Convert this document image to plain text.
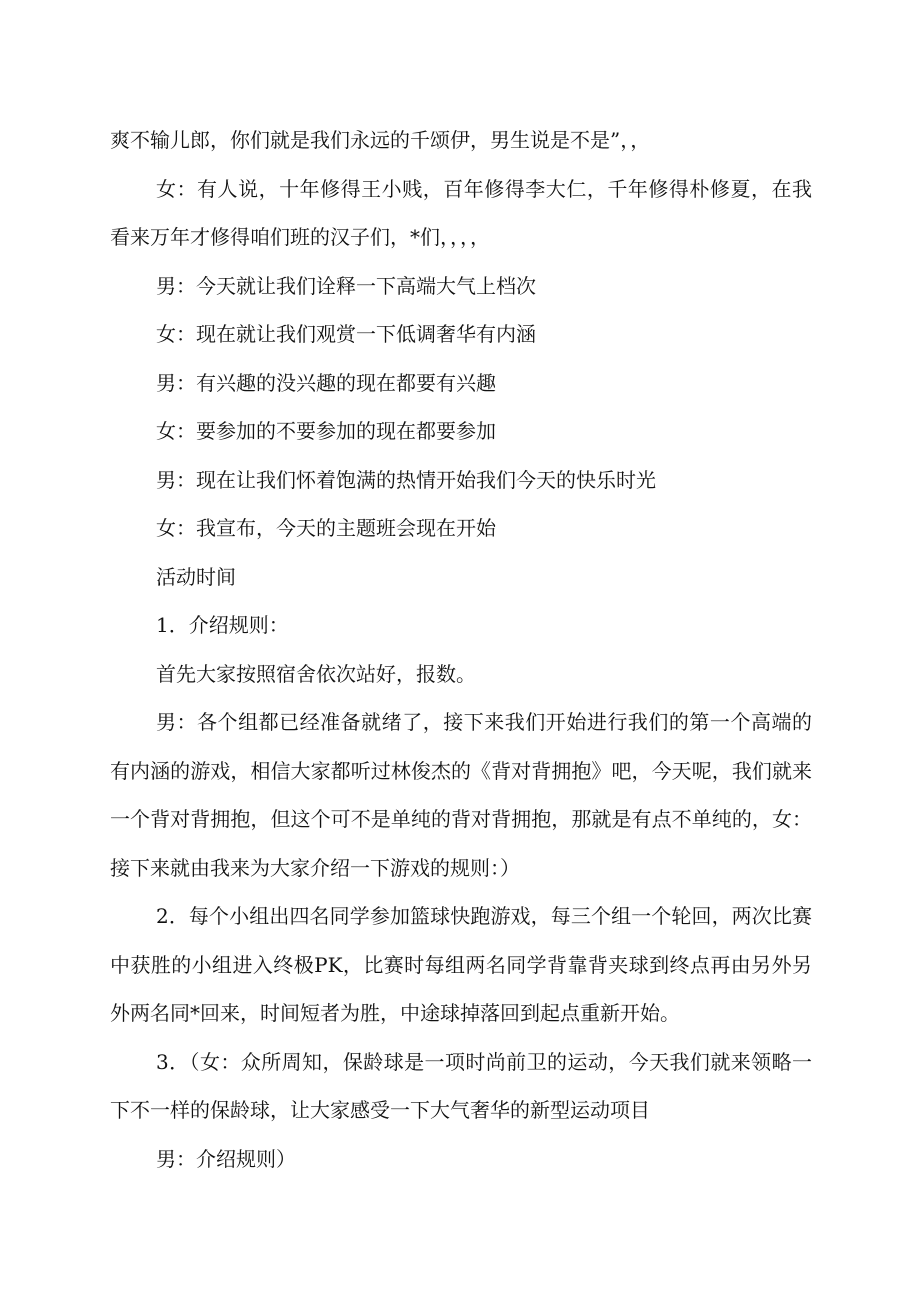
爽不输儿郎，你们就是我们永远的千颂伊，男生说是不是”，，

女：有人说，十年修得王小贱，百年修得李大仁，千年修得朴修夏，在我看来万年才修得咱们班的汉子们，*们，，，，

男：今天就让我们诠释一下高端大气上档次

女：现在就让我们观赏一下低调奢华有内涵

男：有兴趣的没兴趣的现在都要有兴趣

女：要参加的不要参加的现在都要参加

男：现在让我们怀着饱满的热情开始我们今天的快乐时光

女：我宣布，今天的主题班会现在开始

活动时间

1．介绍规则：

首先大家按照宿舍依次站好，报数。

男：各个组都已经准备就绪了，接下来我们开始进行我们的第一个高端的有内涵的游戏，相信大家都听过林俊杰的《背对背拥抱》吧，今天呢，我们就来一个背对背拥抱，但这个可不是单纯的背对背拥抱，那就是有点不单纯的，女：接下来就由我来为大家介绍一下游戏的规则：）

2．每个小组出四名同学参加篮球快跑游戏，每三个组一个轮回，两次比赛中获胜的小组进入终极PK，比赛时每组两名同学背靠背夹球到终点再由另外另外两名同*回来，时间短者为胜，中途球掉落回到起点重新开始。

3．（女：众所周知，保龄球是一项时尚前卫的运动，今天我们就来领略一下不一样的保龄球，让大家感受一下大气奢华的新型运动项目

男：介绍规则）
